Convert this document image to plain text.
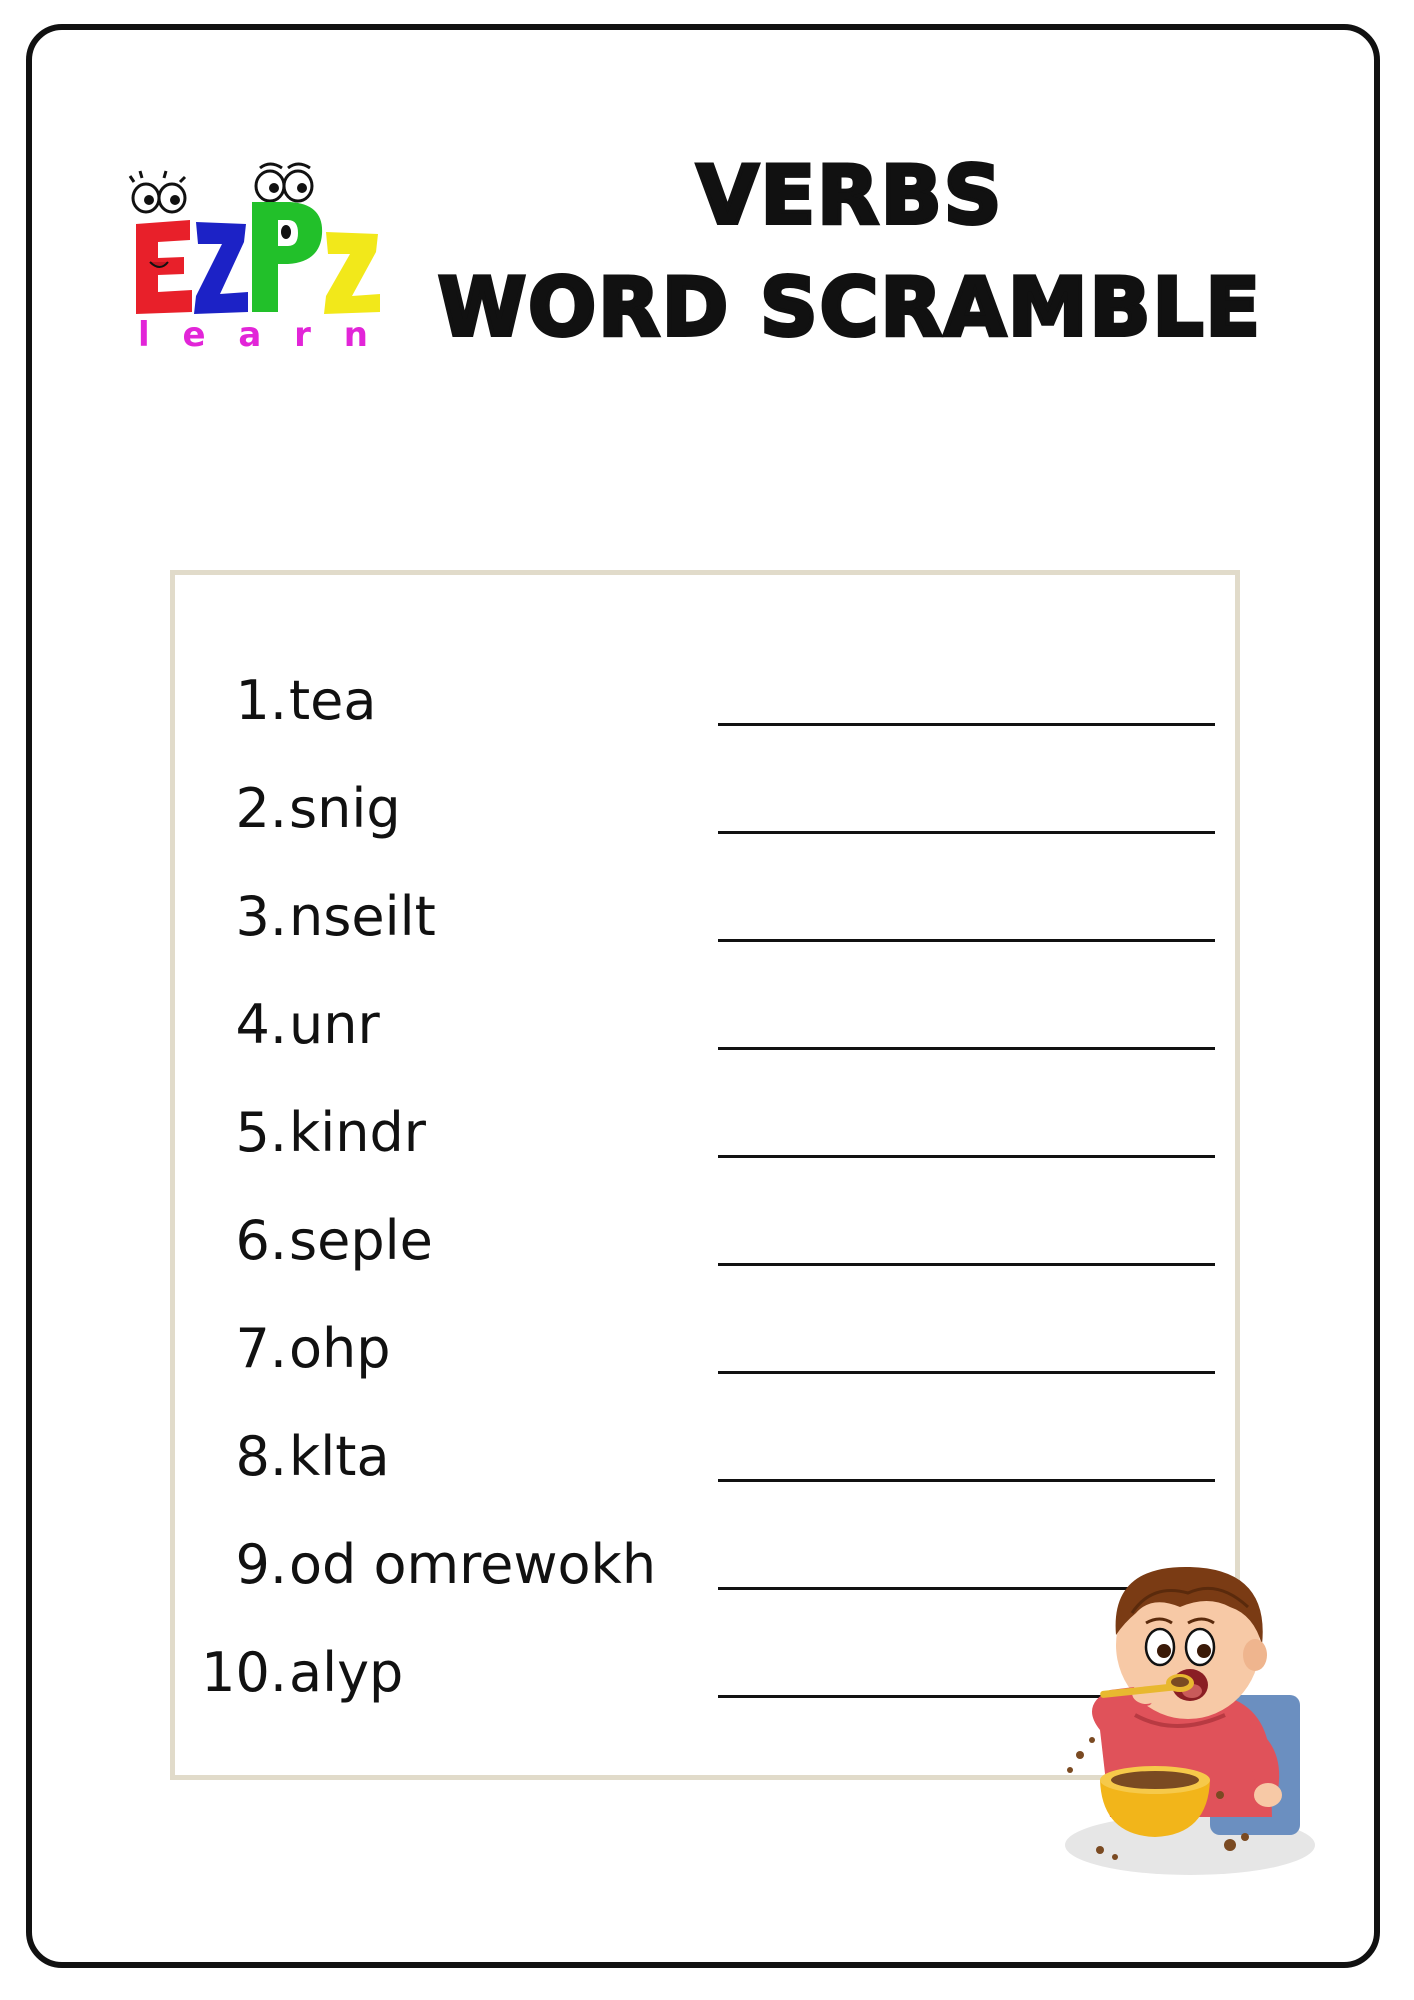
learn
VERBS
WORD SCRAMBLE
1. tea
2. snig
3. nseilt
4. unr
5. kindr
6. seple
7. ohp
8. klta
9. od omrewokh
10. alyp
